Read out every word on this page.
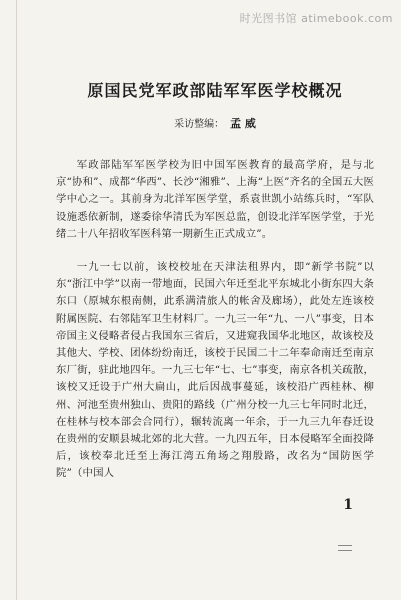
时光图书馆 atimebook.com
原国民党军政部陆军军医学校概况
采访整编： 孟 威

军政部陆军军医学校为旧中国军医教育的最高学府，是与北京“协和”、成都“华西”、长沙“湘雅”、上海“上医”齐名的全国五大医学中心之一。其前身为北洋军医学堂，系袁世凯小站练兵时，“军队设施悉依新制，遂委徐华清氏为军医总监，创设北洋军医学堂，于光绪二十八年招收军医科第一期新生正式成立”。

一九一七以前，该校校址在天津法租界内，即“新学书院”以东“浙江中学”以南一带地面，民国六年迁至北平东城北小街东四大条东口（原城东根南侧，此系满清旅人的帐舍及廊场），此处左连该校附属医院、右邻陆军卫生材料厂。一九三一年“九、一八”事变，日本帝国主义侵略者侵占我国东三省后，又进窥我国华北地区，故该校及其他大、学校、团体纷纷南迁，该校于民国二十二年奉命南迁至南京东厂街，驻此地四年。一九三七年“七、七”事变，南京各机关疏散，该校又迁设于广州大扁山，此后因战事蔓延，该校沿广西桂林、柳州、河池至贵州独山、贵阳的路线（广州分校一九三七年同时北迁，在桂林与校本部会合同行），辗转流离一年余，于一九三九年春迁设在贵州的安顺县城北郊的北大营。一九四五年，日本侵略军全面投降后，该校奉北迁至上海江湾五角场之翔殷路，改名为“国防医学院”（中国人

1
